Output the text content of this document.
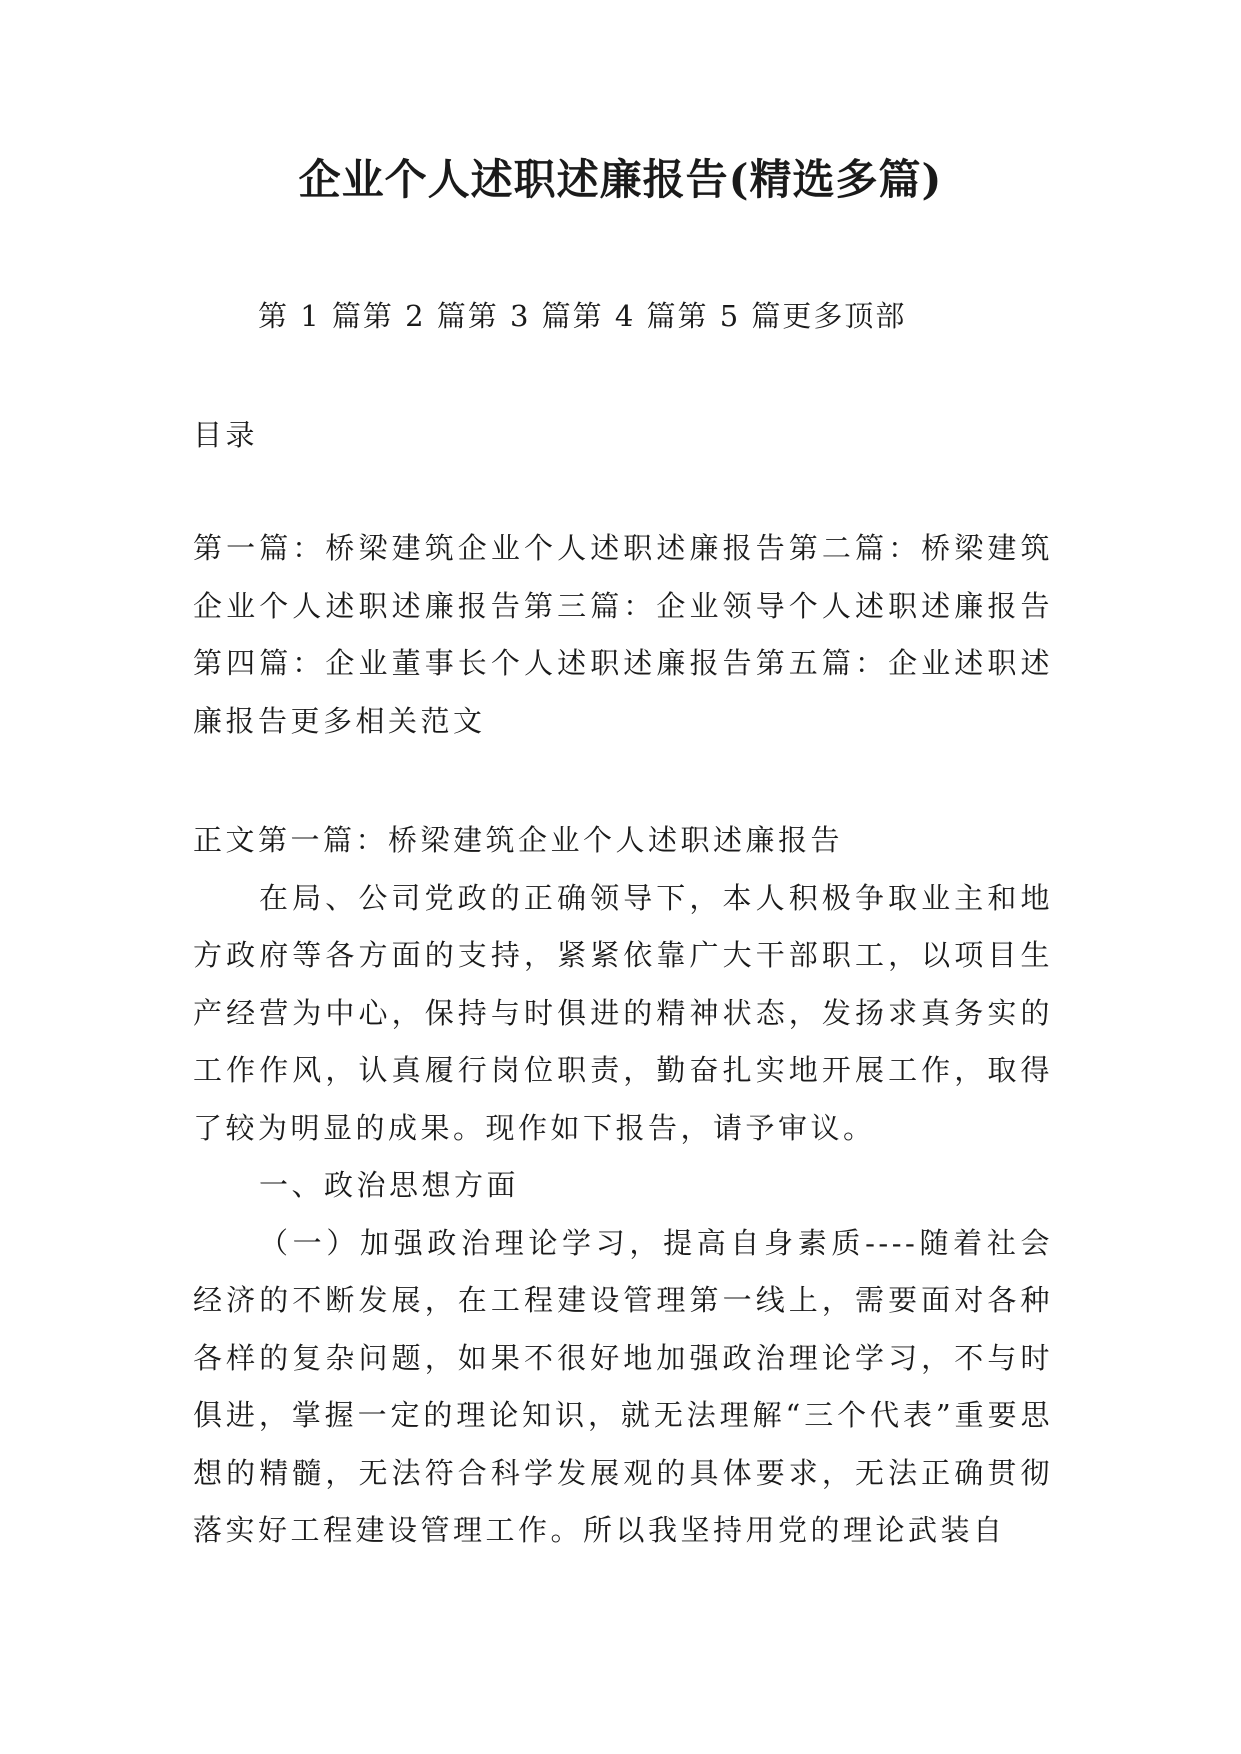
企业个人述职述廉报告(精选多篇)

第 1 篇第 2 篇第 3 篇第 4 篇第 5 篇更多顶部

目录

第一篇：桥梁建筑企业个人述职述廉报告第二篇：桥梁建筑企业个人述职述廉报告第三篇：企业领导个人述职述廉报告第四篇：企业董事长个人述职述廉报告第五篇：企业述职述廉报告更多相关范文

正文第一篇：桥梁建筑企业个人述职述廉报告

在局、公司党政的正确领导下，本人积极争取业主和地方政府等各方面的支持，紧紧依靠广大干部职工，以项目生产经营为中心，保持与时俱进的精神状态，发扬求真务实的工作作风，认真履行岗位职责，勤奋扎实地开展工作，取得了较为明显的成果。现作如下报告，请予审议。

一、政治思想方面

（一）加强政治理论学习，提高自身素质----随着社会经济的不断发展，在工程建设管理第一线上，需要面对各种各样的复杂问题，如果不很好地加强政治理论学习，不与时俱进，掌握一定的理论知识，就无法理解“三个代表”重要思想的精髓，无法符合科学发展观的具体要求，无法正确贯彻落实好工程建设管理工作。所以我坚持用党的理论武装自
